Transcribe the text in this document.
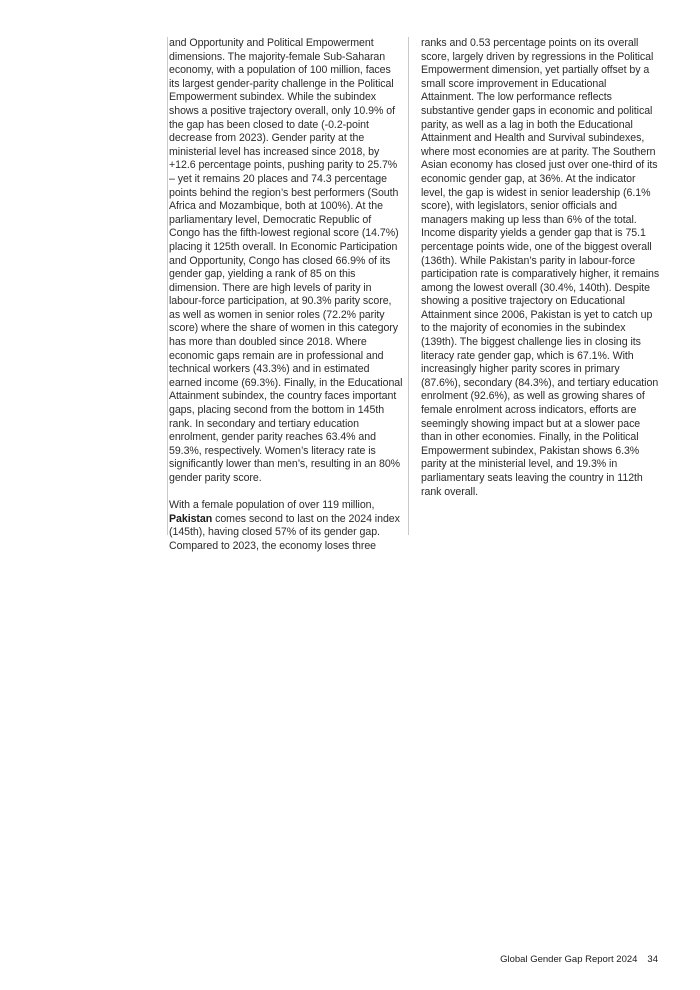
and Opportunity and Political Empowerment dimensions. The majority-female Sub-Saharan economy, with a population of 100 million, faces its largest gender-parity challenge in the Political Empowerment subindex. While the subindex shows a positive trajectory overall, only 10.9% of the gap has been closed to date (-0.2-point decrease from 2023). Gender parity at the ministerial level has increased since 2018, by +12.6 percentage points, pushing parity to 25.7% – yet it remains 20 places and 74.3 percentage points behind the region’s best performers (South Africa and Mozambique, both at 100%). At the parliamentary level, Democratic Republic of Congo has the fifth-lowest regional score (14.7%) placing it 125th overall. In Economic Participation and Opportunity, Congo has closed 66.9% of its gender gap, yielding a rank of 85 on this dimension. There are high levels of parity in labour-force participation, at 90.3% parity score, as well as women in senior roles (72.2% parity score) where the share of women in this category has more than doubled since 2018. Where economic gaps remain are in professional and technical workers (43.3%) and in estimated earned income (69.3%). Finally, in the Educational Attainment subindex, the country faces important gaps, placing second from the bottom in 145th rank. In secondary and tertiary education enrolment, gender parity reaches 63.4% and 59.3%, respectively. Women’s literacy rate is significantly lower than men’s, resulting in an 80% gender parity score.

With a female population of over 119 million,
Pakistan comes second to last on the 2024 index (145th), having closed 57% of its gender gap. Compared to 2023, the economy loses three

ranks and 0.53 percentage points on its overall score, largely driven by regressions in the Political Empowerment dimension, yet partially offset by a small score improvement in Educational Attainment. The low performance reflects substantive gender gaps in economic and political parity, as well as a lag in both the Educational Attainment and Health and Survival subindexes, where most economies are at parity. The Southern Asian economy has closed just over one-third of its economic gender gap, at 36%. At the indicator level, the gap is widest in senior leadership (6.1% score), with legislators, senior officials and managers making up less than 6% of the total. Income disparity yields a gender gap that is 75.1 percentage points wide, one of the biggest overall (136th). While Pakistan’s parity in labour-force participation rate is comparatively higher, it remains among the lowest overall (30.4%, 140th). Despite showing a positive trajectory on Educational Attainment since 2006, Pakistan is yet to catch up to the majority of economies in the subindex (139th). The biggest challenge lies in closing its literacy rate gender gap, which is 67.1%. With increasingly higher parity scores in primary (87.6%), secondary (84.3%), and tertiary education enrolment (92.6%), as well as growing shares of female enrolment across indicators, efforts are seemingly showing impact but at a slower pace than in other economies. Finally, in the Political Empowerment subindex, Pakistan shows 6.3% parity at the ministerial level, and 19.3% in parliamentary seats leaving the country in 112th rank overall.

Global Gender Gap Report 2024 34
